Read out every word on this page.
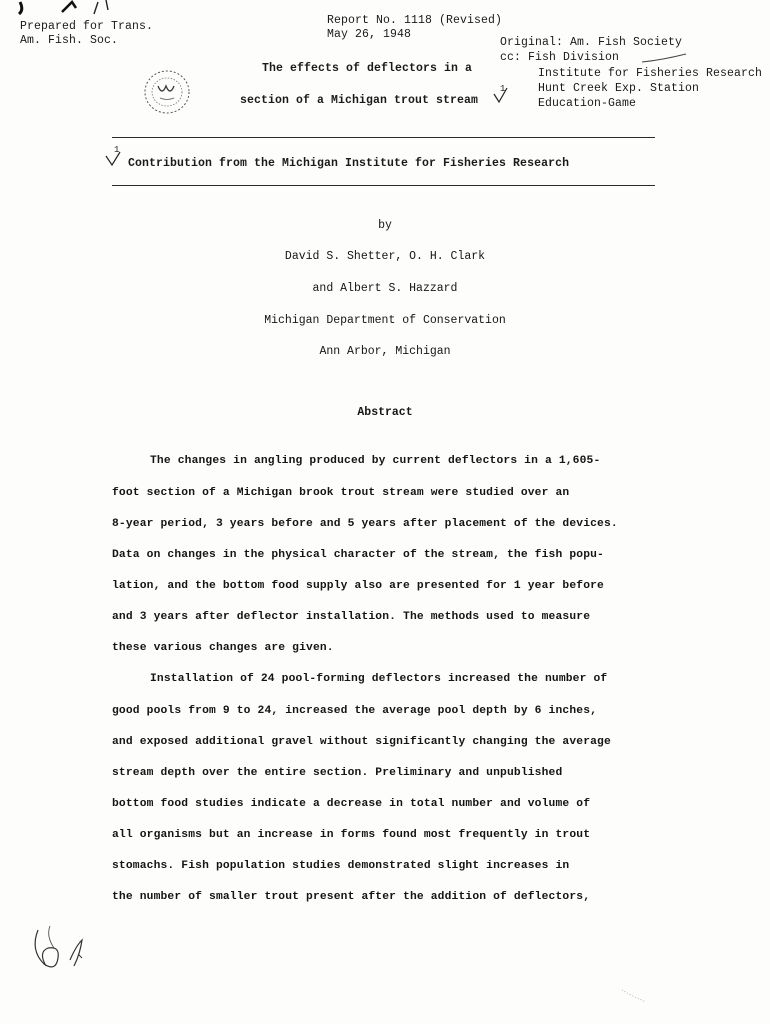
Prepared for Trans.
Am. Fish. Soc.
Report No. 1118 (Revised)
May 26, 1948
Original: Am. Fish Society
cc: Fish Division
Institute for Fisheries Research
Hunt Creek Exp. Station
Education-Game
The effects of deflectors in a
section of a Michigan trout stream
1
1
Contribution from the Michigan Institute for Fisheries Research
by
David S. Shetter, O. H. Clark
and Albert S. Hazzard
Michigan Department of Conservation
Ann Arbor, Michigan
Abstract
The changes in angling produced by current deflectors in a 1,605-
foot section of a Michigan brook trout stream were studied over an
8-year period, 3 years before and 5 years after placement of the devices.
Data on changes in the physical character of the stream, the fish popu-
lation, and the bottom food supply also are presented for 1 year before
and 3 years after deflector installation. The methods used to measure
these various changes are given.
Installation of 24 pool-forming deflectors increased the number of
good pools from 9 to 24, increased the average pool depth by 6 inches,
and exposed additional gravel without significantly changing the average
stream depth over the entire section. Preliminary and unpublished
bottom food studies indicate a decrease in total number and volume of
all organisms but an increase in forms found most frequently in trout
stomachs. Fish population studies demonstrated slight increases in
the number of smaller trout present after the addition of deflectors,
